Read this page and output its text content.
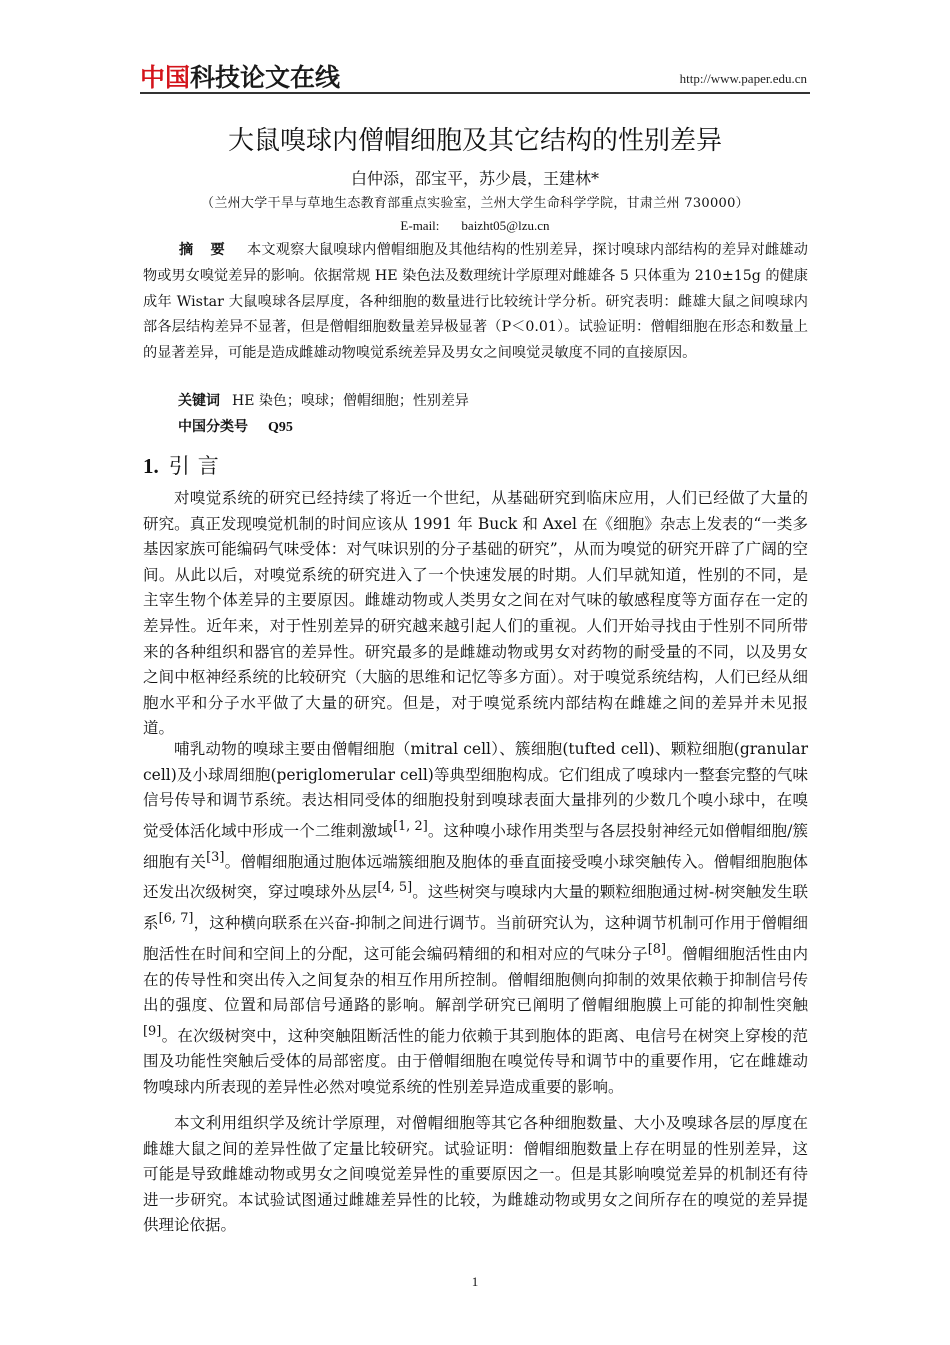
中国科技论文在线	http://www.paper.edu.cn
大鼠嗅球内僧帽细胞及其它结构的性别差异
白仲添，邵宝平，苏少晨，王建林*
（兰州大学干旱与草地生态教育部重点实验室，兰州大学生命科学学院，甘肃兰州 730000）
E-mail: baizht05@lzu.cn
摘 要 本文观察大鼠嗅球内僧帽细胞及其他结构的性别差异，探讨嗅球内部结构的差异对雌雄动物或男女嗅觉差异的影响。依据常规 HE 染色法及数理统计学原理对雌雄各 5 只体重为 210±15g 的健康成年 Wistar 大鼠嗅球各层厚度，各种细胞的数量进行比较统计学分析。研究表明：雌雄大鼠之间嗅球内部各层结构差异不显著，但是僧帽细胞数量差异极显著（P＜0.01）。试验证明：僧帽细胞在形态和数量上的显著差异，可能是造成雌雄动物嗅觉系统差异及男女之间嗅觉灵敏度不同的直接原因。
关键词 HE 染色；嗅球；僧帽细胞；性别差异
中国分类号 Q95
1. 引言

对嗅觉系统的研究已经持续了将近一个世纪，从基础研究到临床应用，人们已经做了大量的研究。真正发现嗅觉机制的时间应该从 1991 年 Buck 和 Axel 在《细胞》杂志上发表的“一类多基因家族可能编码气味受体：对气味识别的分子基础的研究”，从而为嗅觉的研究开辟了广阔的空间。从此以后，对嗅觉系统的研究进入了一个快速发展的时期。人们早就知道，性别的不同，是主宰生物个体差异的主要原因。雌雄动物或人类男女之间在对气味的敏感程度等方面存在一定的差异性。近年来，对于性别差异的研究越来越引起人们的重视。人们开始寻找由于性别不同所带来的各种组织和器官的差异性。研究最多的是雌雄动物或男女对药物的耐受量的不同，以及男女之间中枢神经系统的比较研究（大脑的思维和记忆等多方面）。对于嗅觉系统结构，人们已经从细胞水平和分子水平做了大量的研究。但是，对于嗅觉系统内部结构在雌雄之间的差异并未见报道。

哺乳动物的嗅球主要由僧帽细胞（mitral cell）、簇细胞(tufted cell)、颗粒细胞(granular cell)及小球周细胞(periglomerular cell)等典型细胞构成。它们组成了嗅球内一整套完整的气味信号传导和调节系统。表达相同受体的细胞投射到嗅球表面大量排列的少数几个嗅小球中，在嗅觉受体活化域中形成一个二维刺激域[1, 2]。这种嗅小球作用类型与各层投射神经元如僧帽细胞/簇细胞有关[3]。僧帽细胞通过胞体远端簇细胞及胞体的垂直面接受嗅小球突触传入。僧帽细胞胞体还发出次级树突，穿过嗅球外丛层[4, 5]。这些树突与嗅球内大量的颗粒细胞通过树-树突触发生联系[6, 7]，这种横向联系在兴奋-抑制之间进行调节。当前研究认为，这种调节机制可作用于僧帽细胞活性在时间和空间上的分配，这可能会编码精细的和相对应的气味分子[8]。僧帽细胞活性由内在的传导性和突出传入之间复杂的相互作用所控制。僧帽细胞侧向抑制的效果依赖于抑制信号传出的强度、位置和局部信号通路的影响。解剖学研究已阐明了僧帽细胞膜上可能的抑制性突触[9]。在次级树突中，这种突触阻断活性的能力依赖于其到胞体的距离、电信号在树突上穿梭的范围及功能性突触后受体的局部密度。由于僧帽细胞在嗅觉传导和调节中的重要作用，它在雌雄动物嗅球内所表现的差异性必然对嗅觉系统的性别差异造成重要的影响。

本文利用组织学及统计学原理，对僧帽细胞等其它各种细胞数量、大小及嗅球各层的厚度在雌雄大鼠之间的差异性做了定量比较研究。试验证明：僧帽细胞数量上存在明显的性别差异，这可能是导致雌雄动物或男女之间嗅觉差异性的重要原因之一。但是其影响嗅觉差异的机制还有待进一步研究。本试验试图通过雌雄差异性的比较，为雌雄动物或男女之间所存在的嗅觉的差异提供理论依据。

1
